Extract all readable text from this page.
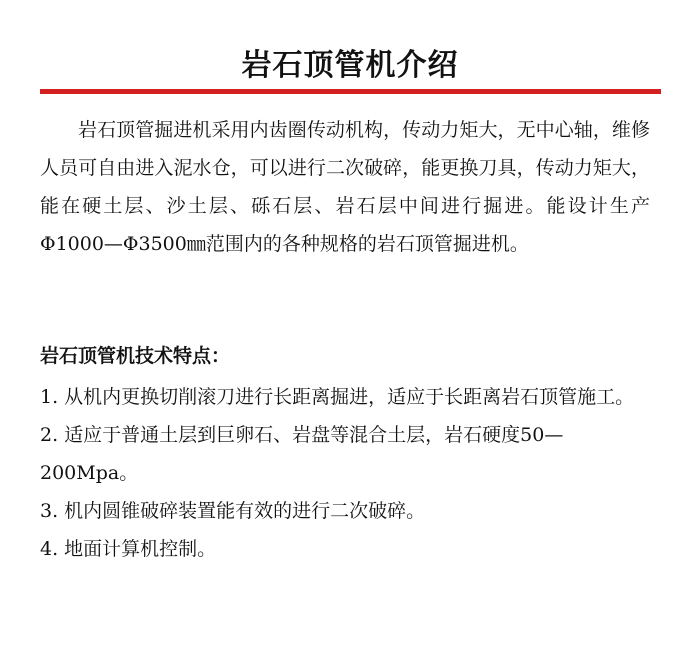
岩石顶管机介绍

岩石顶管掘进机采用内齿圈传动机构，传动力矩大，无中心轴，维修人员可自由进入泥水仓，可以进行二次破碎，能更换刀具，传动力矩大，能在硬土层、沙土层、砾石层、岩石层中间进行掘进。能设计生产Φ1000—Φ3500㎜范围内的各种规格的岩石顶管掘进机。

岩石顶管机技术特点：
1. 从机内更换切削滚刀进行长距离掘进，适应于长距离岩石顶管施工。
2. 适应于普通土层到巨卵石、岩盘等混合土层，岩石硬度50—200Mpa。
3. 机内圆锥破碎装置能有效的进行二次破碎。
4. 地面计算机控制。
